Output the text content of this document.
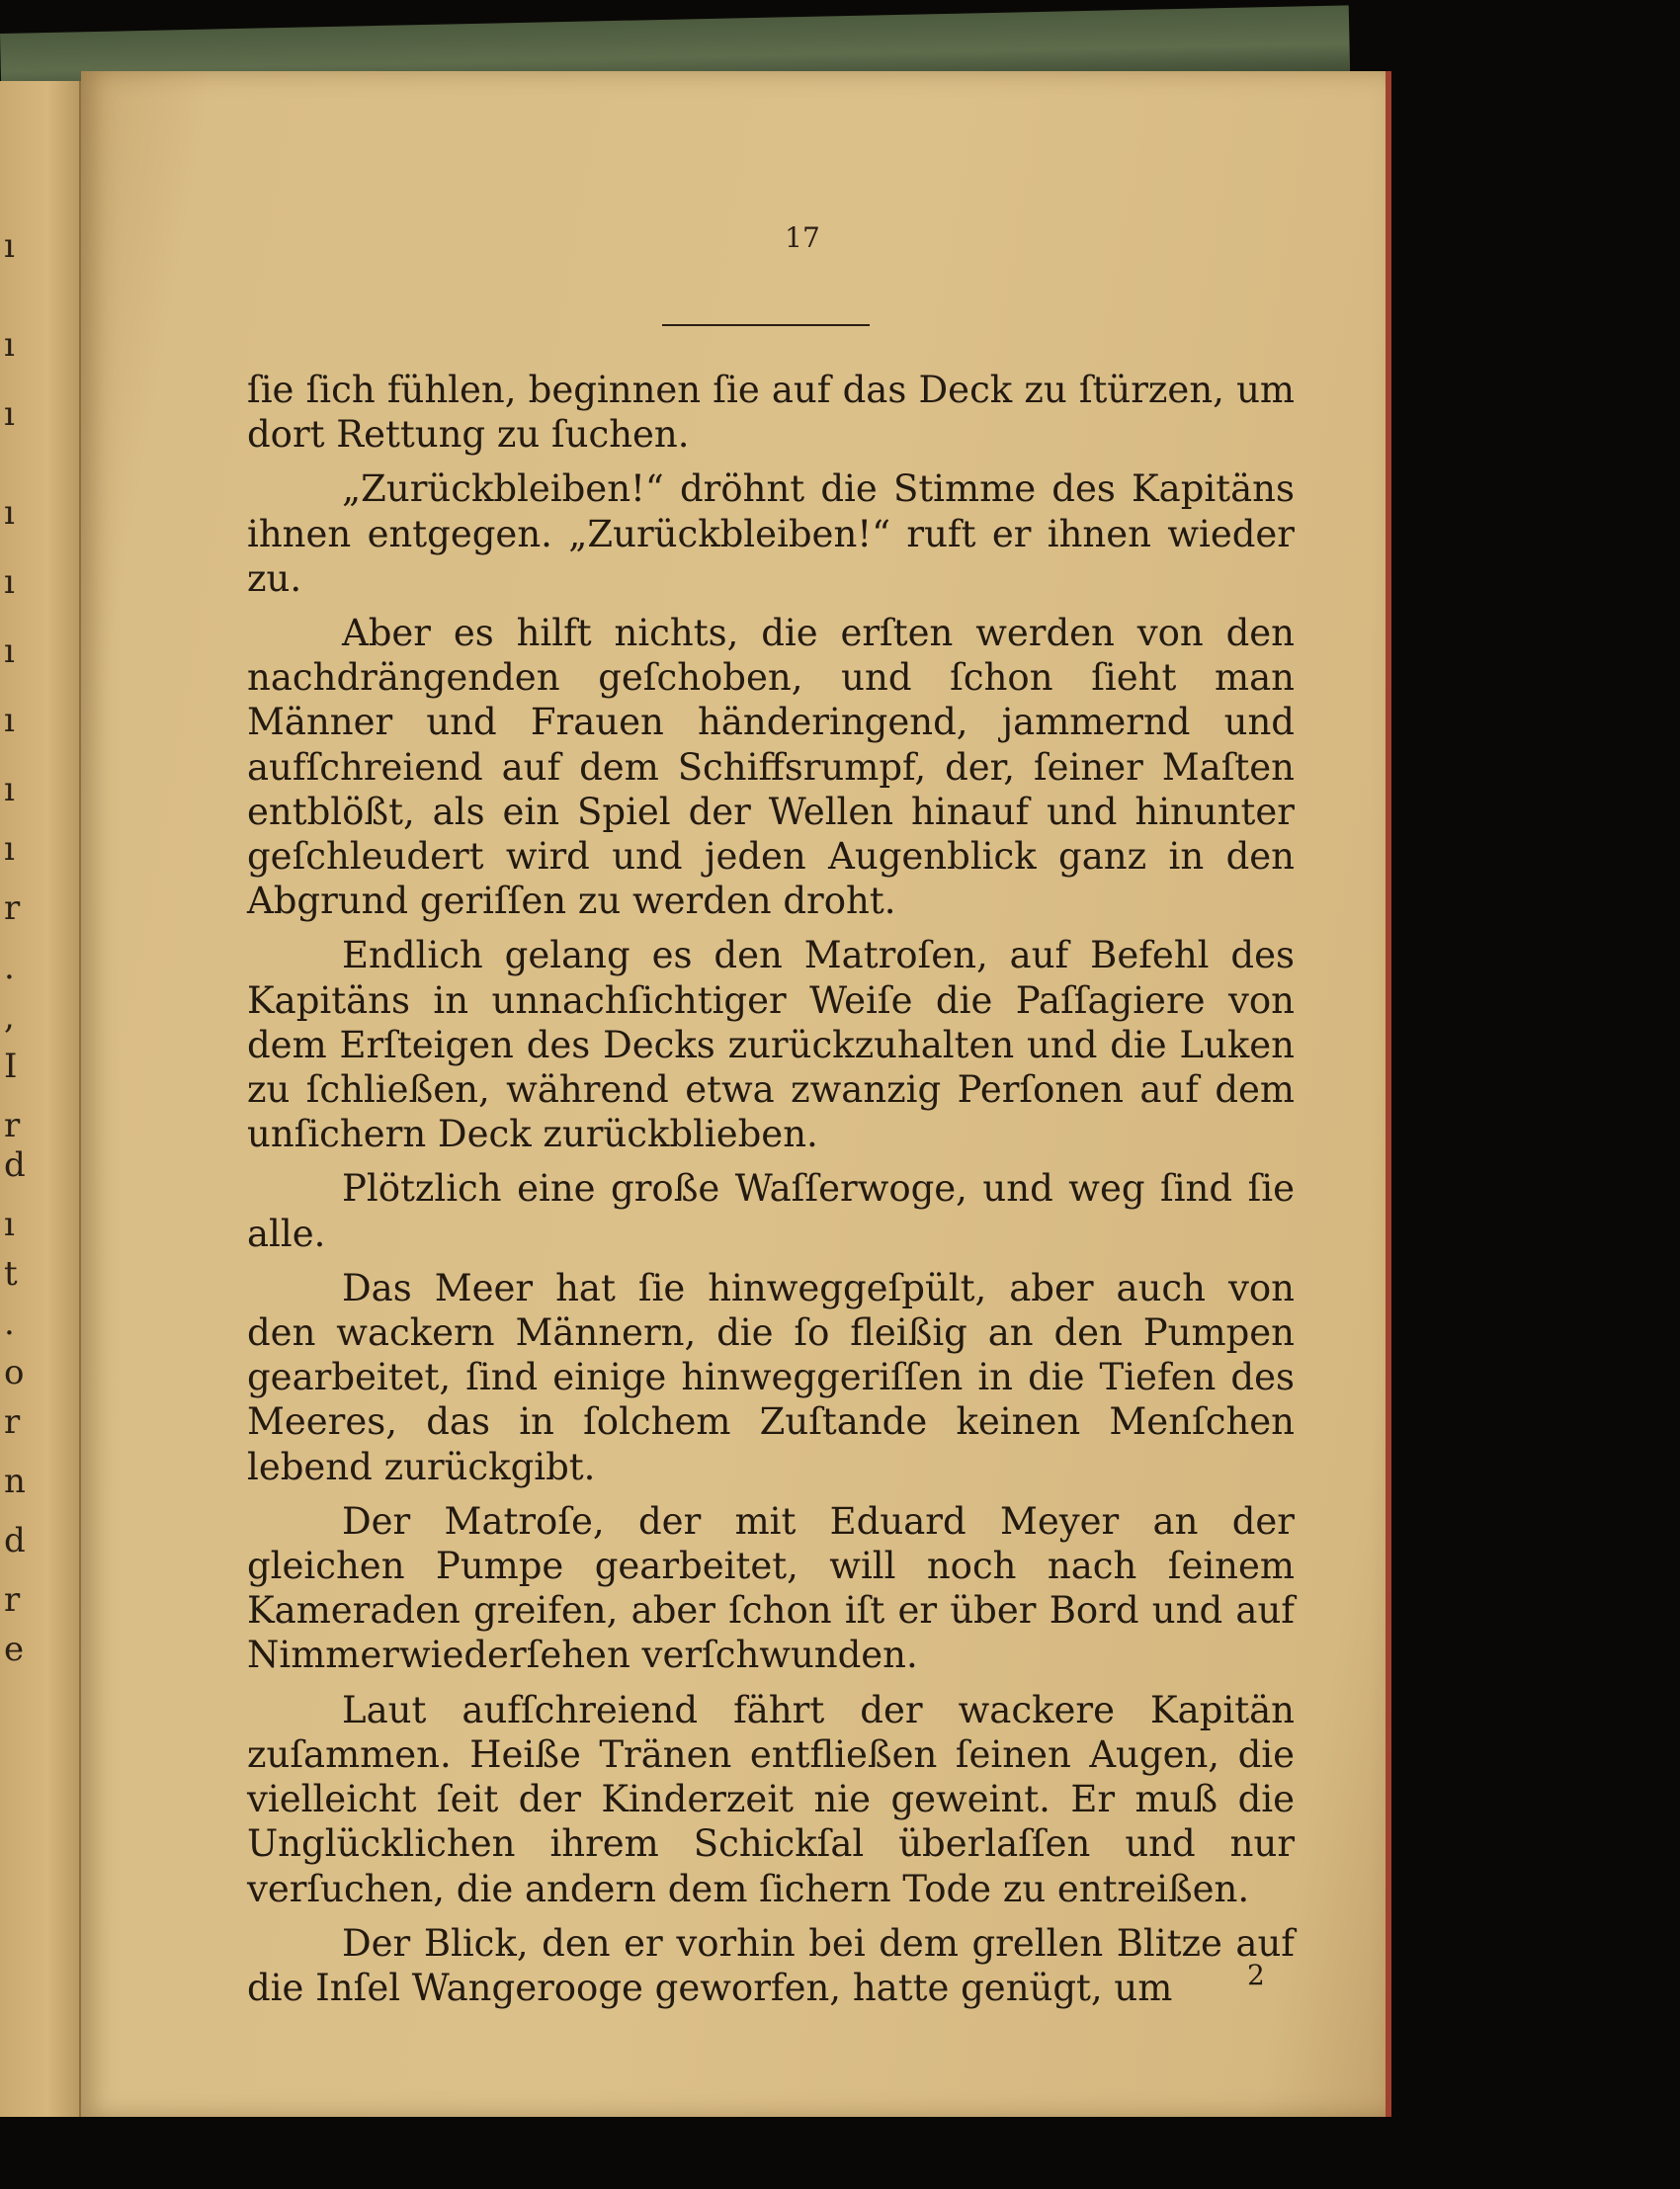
ı
ı
ı
ı
ı
ı
ı
ı
ı
r
.
,
I
r
d
ı
t
.
o
r
n
d
r
e
17

ſie ſich fühlen, beginnen ſie auf das Deck zu ſtürzen, um dort Rettung zu ſuchen.

„Zurückbleiben!“ dröhnt die Stimme des Kapitäns ihnen entgegen. „Zurückbleiben!“ ruft er ihnen wieder zu.

Aber es hilft nichts, die erſten werden von den nachdrängenden geſchoben, und ſchon ſieht man Männer und Frauen händeringend, jammernd und aufſchreiend auf dem Schiffsrumpf, der, ſeiner Maſten entblößt, als ein Spiel der Wellen hinauf und hinunter geſchleudert wird und jeden Augenblick ganz in den Abgrund geriſſen zu werden droht.

Endlich gelang es den Matroſen, auf Befehl des Kapitäns in unnachſichtiger Weiſe die Paſſagiere von dem Erſteigen des Decks zurückzuhalten und die Luken zu ſchließen, während etwa zwanzig Perſonen auf dem unſichern Deck zurückblieben.

Plötzlich eine große Waſſerwoge, und weg ſind ſie alle.

Das Meer hat ſie hinweggeſpült, aber auch von den wackern Männern, die ſo fleißig an den Pumpen gearbeitet, ſind einige hinweggeriſſen in die Tiefen des Meeres, das in ſolchem Zuſtande keinen Menſchen lebend zurückgibt.

Der Matroſe, der mit Eduard Meyer an der gleichen Pumpe gearbeitet, will noch nach ſeinem Kameraden greifen, aber ſchon iſt er über Bord und auf Nimmerwiederſehen verſchwunden.

Laut aufſchreiend fährt der wackere Kapitän zuſammen. Heiße Tränen entfließen ſeinen Augen, die vielleicht ſeit der Kinderzeit nie geweint. Er muß die Unglücklichen ihrem Schickſal überlaſſen und nur verſuchen, die andern dem ſichern Tode zu entreißen.

Der Blick, den er vorhin bei dem grellen Blitze auf die Inſel Wangerooge geworfen, hatte genügt, um	2
